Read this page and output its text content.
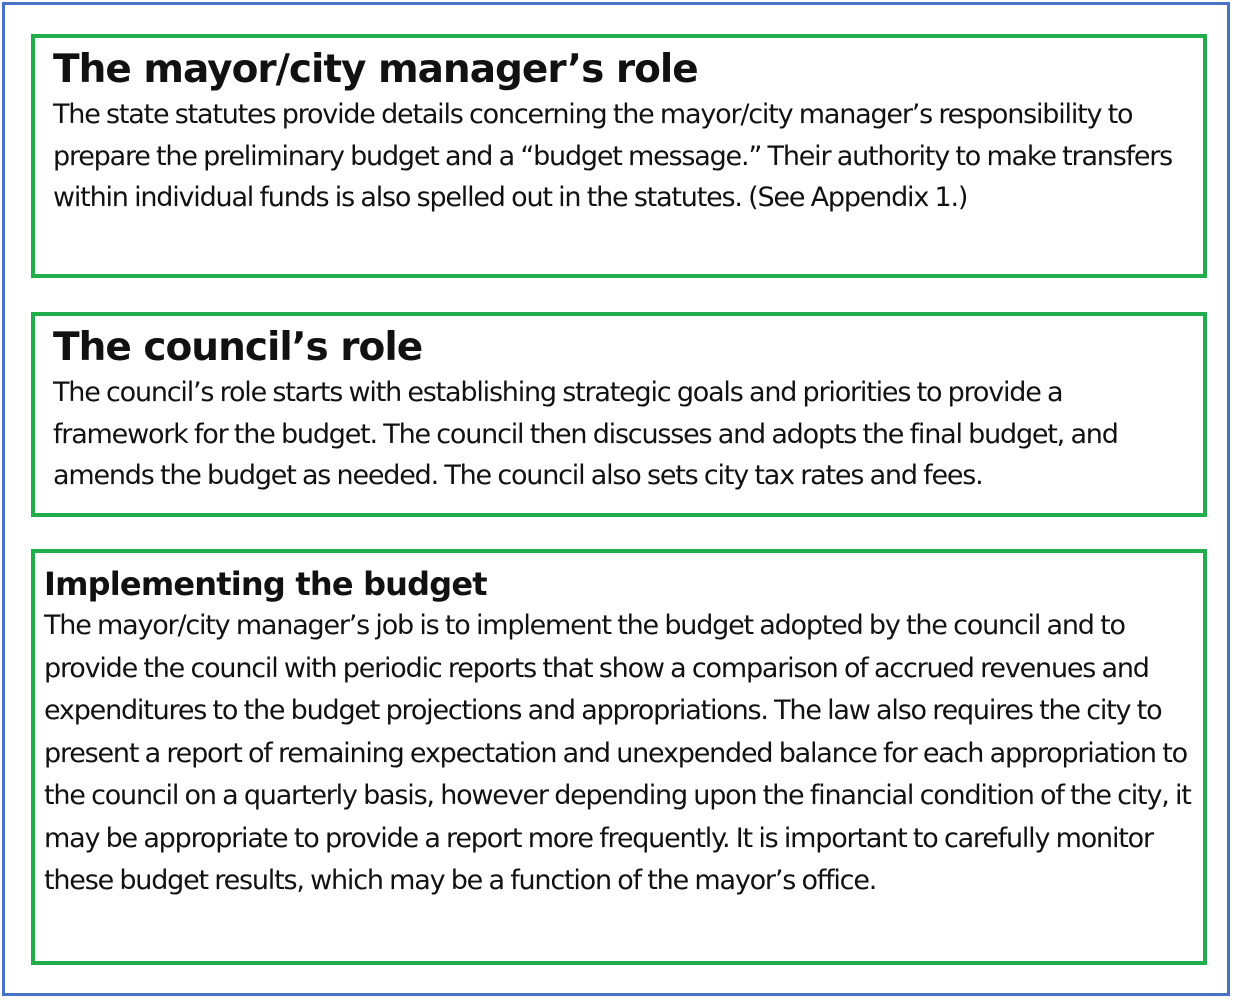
The mayor/city manager’s role

The state statutes provide details concerning the mayor/city manager’s responsibility to prepare the preliminary budget and a “budget message.” Their authority to make transfers within individual funds is also spelled out in the statutes. (See Appendix 1.)

The council’s role

The council’s role starts with establishing strategic goals and priorities to provide a framework for the budget. The council then discusses and adopts the final budget, and amends the budget as needed. The council also sets city tax rates and fees.

Implementing the budget

The mayor/city manager’s job is to implement the budget adopted by the council and to provide the council with periodic reports that show a comparison of accrued revenues and expenditures to the budget projections and appropriations. The law also requires the city to present a report of remaining expectation and unexpended balance for each appropriation to the council on a quarterly basis, however depending upon the financial condition of the city, it may be appropriate to provide a report more frequently. It is important to carefully monitor these budget results, which may be a function of the mayor’s office.
